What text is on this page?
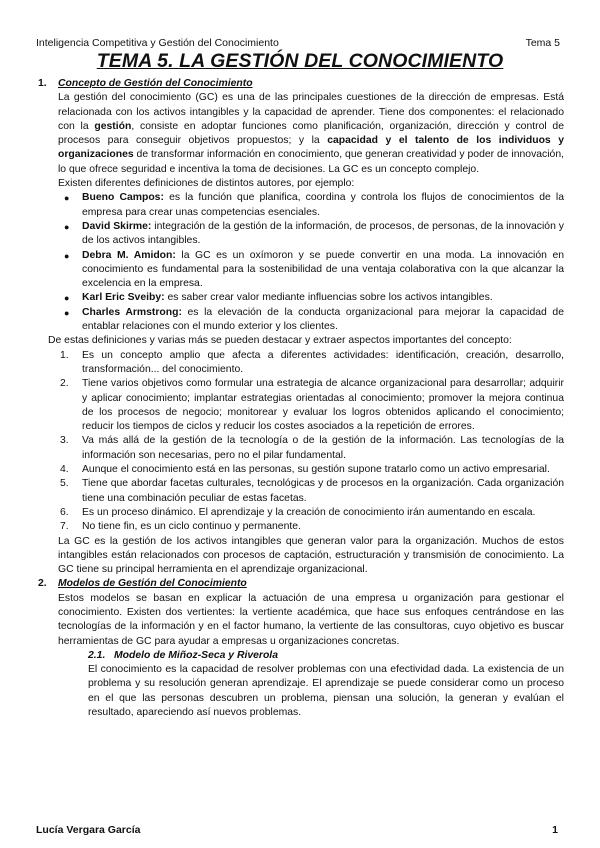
Inteligencia Competitiva y Gestión del Conocimiento	Tema 5
TEMA 5. LA GESTIÓN DEL CONOCIMIENTO
1.	Concepto de Gestión del Conocimiento
La gestión del conocimiento (GC) es una de las principales cuestiones de la dirección de empresas. Está relacionada con los activos intangibles y la capacidad de aprender. Tiene dos componentes: el relacionado con la gestión, consiste en adoptar funciones como planificación, organización, dirección y control de procesos para conseguir objetivos propuestos; y la capacidad y el talento de los individuos y organizaciones de transformar información en conocimiento, que generan creatividad y poder de innovación, lo que ofrece seguridad e incentiva la toma de decisiones. La GC es un concepto complejo.
Existen diferentes definiciones de distintos autores, por ejemplo:
● Bueno Campos: es la función que planifica, coordina y controla los flujos de conocimientos de la empresa para crear unas competencias esenciales.
● David Skirme: integración de la gestión de la información, de procesos, de personas, de la innovación y de los activos intangibles.
● Debra M. Amidon: la GC es un oxímoron y se puede convertir en una moda. La innovación en conocimiento es fundamental para la sostenibilidad de una ventaja colaborativa con la que alcanzar la excelencia en la empresa.
● Karl Eric Sveiby: es saber crear valor mediante influencias sobre los activos intangibles.
● Charles Armstrong: es la elevación de la conducta organizacional para mejorar la capacidad de entablar relaciones con el mundo exterior y los clientes.
De estas definiciones y varias más se pueden destacar y extraer aspectos importantes del concepto:
1. Es un concepto amplio que afecta a diferentes actividades: identificación, creación, desarrollo, transformación... del conocimiento.
2. Tiene varios objetivos como formular una estrategia de alcance organizacional para desarrollar; adquirir y aplicar conocimiento; implantar estrategias orientadas al conocimiento; promover la mejora continua de los procesos de negocio; monitorear y evaluar los logros obtenidos aplicando el conocimiento; reducir los tiempos de ciclos y reducir los costes asociados a la repetición de errores.
3. Va más allá de la gestión de la tecnología o de la gestión de la información. Las tecnologías de la información son necesarias, pero no el pilar fundamental.
4. Aunque el conocimiento está en las personas, su gestión supone tratarlo como un activo empresarial.
5. Tiene que abordar facetas culturales, tecnológicas y de procesos en la organización. Cada organización tiene una combinación peculiar de estas facetas.
6. Es un proceso dinámico. El aprendizaje y la creación de conocimiento irán aumentando en escala.
7. No tiene fin, es un ciclo continuo y permanente.
La GC es la gestión de los activos intangibles que generan valor para la organización. Muchos de estos intangibles están relacionados con procesos de captación, estructuración y transmisión de conocimiento. La GC tiene su principal herramienta en el aprendizaje organizacional.
2.	Modelos de Gestión del Conocimiento
Estos modelos se basan en explicar la actuación de una empresa u organización para gestionar el conocimiento. Existen dos vertientes: la vertiente académica, que hace sus enfoques centrándose en las tecnologías de la información y en el factor humano, la vertiente de las consultoras, cuyo objetivo es buscar herramientas de GC para ayudar a empresas u organizaciones concretas.
2.1. Modelo de Miñoz-Seca y Riverola
El conocimiento es la capacidad de resolver problemas con una efectividad dada. La existencia de un problema y su resolución generan aprendizaje. El aprendizaje se puede considerar como un proceso en el que las personas descubren un problema, piensan una solución, la generan y evalúan el resultado, apareciendo así nuevos problemas.
Lucía Vergara García	1
